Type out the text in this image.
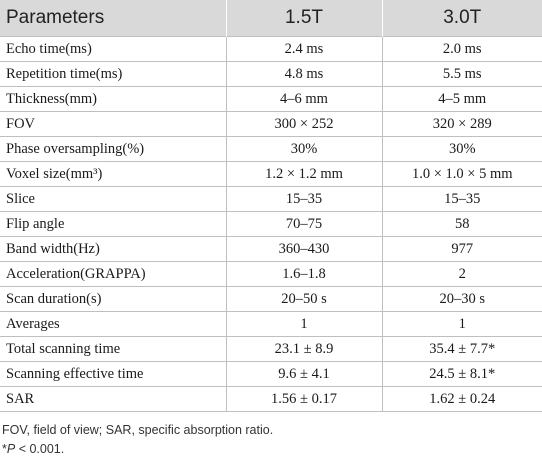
Parameters	1.5T	3.0T
Echo time(ms)	2.4 ms	2.0 ms
Repetition time(ms)	4.8 ms	5.5 ms
Thickness(mm)	4–6 mm	4–5 mm
FOV	300 × 252	320 × 289
Phase oversampling(%)	30%	30%
Voxel size(mm³)	1.2 × 1.2 mm	1.0 × 1.0 × 5 mm
Slice	15–35	15–35
Flip angle	70–75	58
Band width(Hz)	360–430	977
Acceleration(GRAPPA)	1.6–1.8	2
Scan duration(s)	20–50 s	20–30 s
Averages	1	1
Total scanning time	23.1 ± 8.9	35.4 ± 7.7*
Scanning effective time	9.6 ± 4.1	24.5 ± 8.1*
SAR	1.56 ± 0.17	1.62 ± 0.24
FOV, field of view; SAR, specific absorption ratio.
*P < 0.001.
